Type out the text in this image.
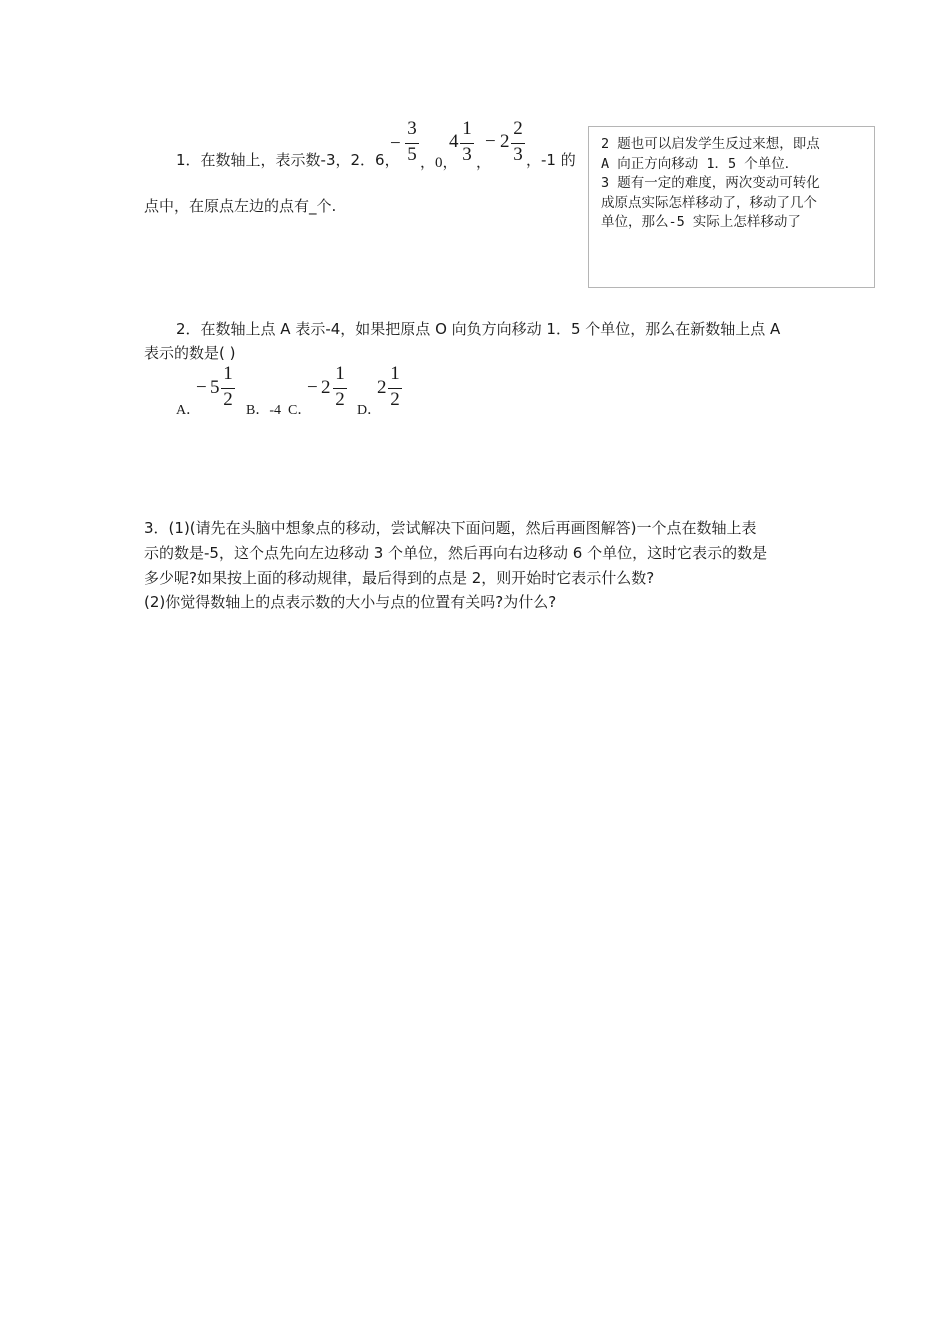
2 题也可以启发学生反过来想，即点
A 向正方向移动 1．5 个单位．
3 题有一定的难度，两次变动可转化
成原点实际怎样移动了，移动了几个
单位，那么-5 实际上怎样移动了
1．在数轴上，表示数-3，2．6，
−
3
5 ，0，
4
1
3 ，
− 2
2
3 ，-1 的
点中，在原点左边的点有_个.
2．在数轴上点 A 表示-4，如果把原点 O 向负方向移动 1．5 个单位，那么在新数轴上点 A
表示的数是( )
A．
− 5
1
2
B．-4 C．
− 2
1
2
D．
2
1
2
3．(1)(请先在头脑中想象点的移动，尝试解决下面问题，然后再画图解答)一个点在数轴上表
示的数是-5，这个点先向左边移动 3 个单位，然后再向右边移动 6 个单位，这时它表示的数是
多少呢?如果按上面的移动规律，最后得到的点是 2，则开始时它表示什么数?
(2)你觉得数轴上的点表示数的大小与点的位置有关吗?为什么?
